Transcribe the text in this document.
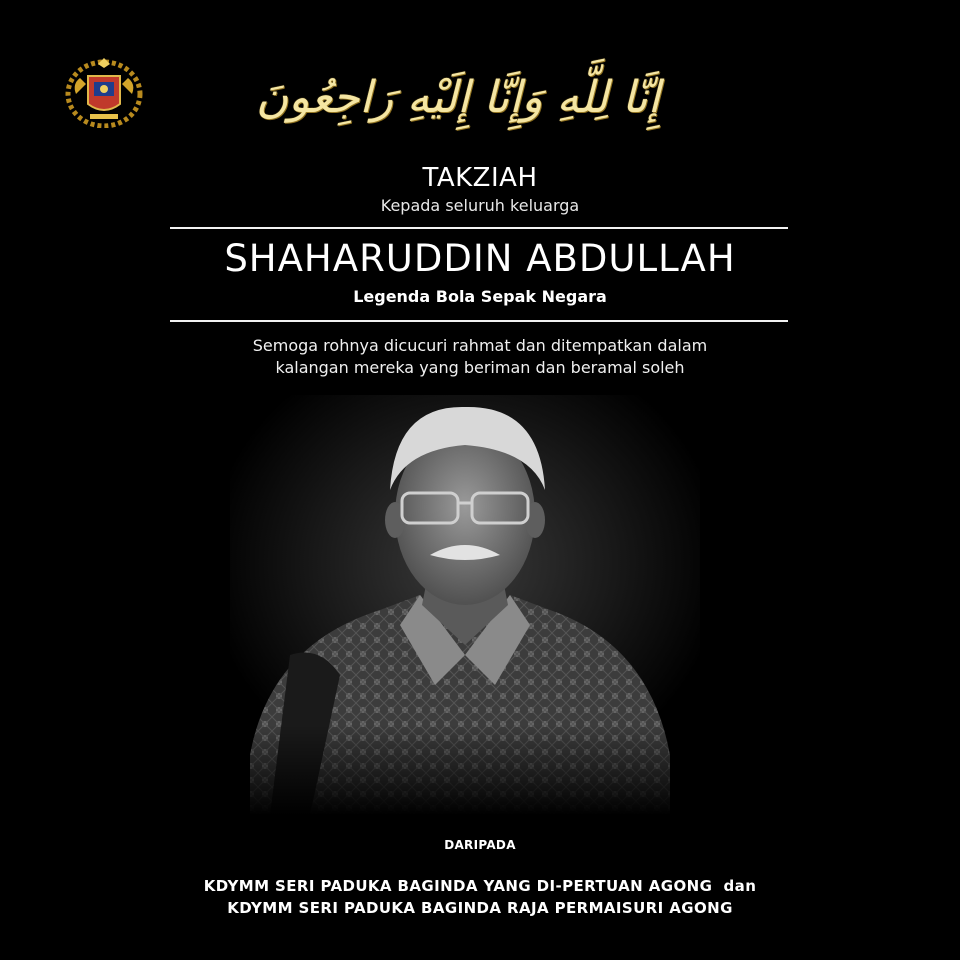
إِنَّا لِلَّهِ وَإِنَّا إِلَيْهِ رَاجِعُونَ
TAKZIAH
Kepada seluruh keluarga
SHAHARUDDIN ABDULLAH
Legenda Bola Sepak Negara
Semoga rohnya dicucuri rahmat dan ditempatkan dalam
kalangan mereka yang beriman dan beramal soleh
DARIPADA
KDYMM SERI PADUKA BAGINDA YANG DI-PERTUAN AGONG  dan
KDYMM SERI PADUKA BAGINDA RAJA PERMAISURI AGONG
